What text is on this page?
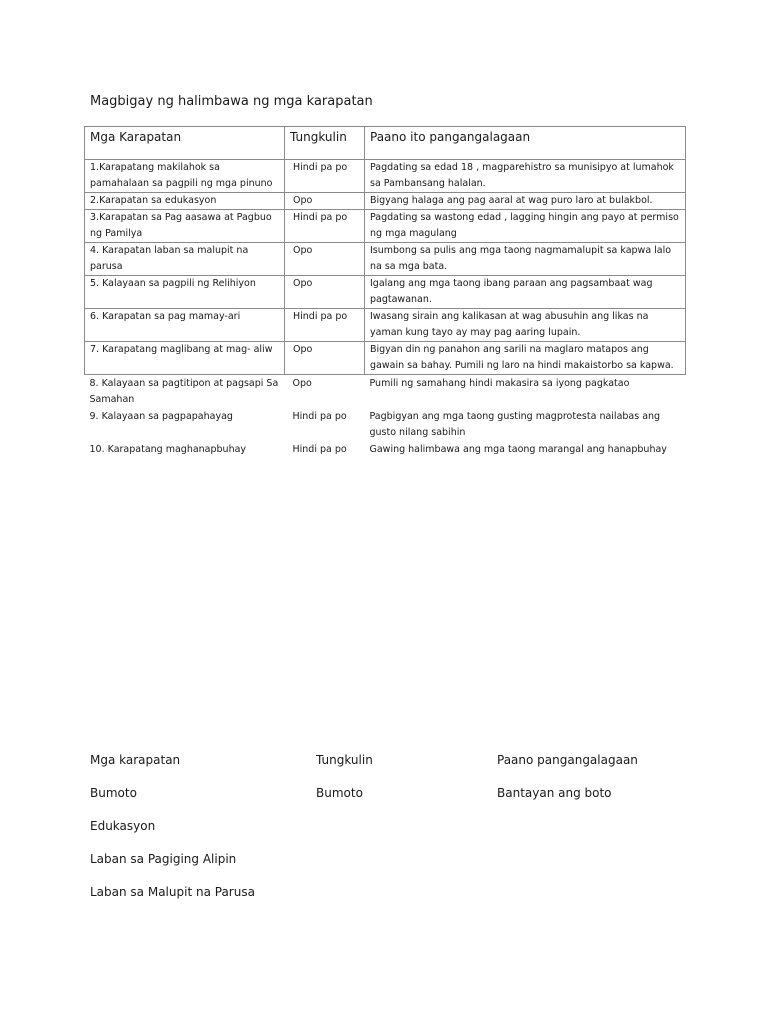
Magbigay ng halimbawa ng mga karapatan
Mga Karapatan	Tungkulin	Paano ito pangangalagaan
1.Karapatang makilahok sa pamahalaan sa pagpili ng mga pinuno	Hindi pa po	Pagdating sa edad 18 , magparehistro sa munisipyo at lumahok sa Pambansang halalan.
2.Karapatan sa edukasyon	Opo	Bigyang halaga ang pag aaral at wag puro laro at bulakbol.
3.Karapatan sa Pag aasawa at Pagbuo ng Pamilya	Hindi pa po	Pagdating sa wastong edad , lagging hingin ang payo at permiso ng mga magulang
4. Karapatan laban sa malupit na parusa	Opo	Isumbong sa pulis ang mga taong nagmamalupit sa kapwa lalo na sa mga bata.
5. Kalayaan sa pagpili ng Relihiyon	Opo	Igalang ang mga taong ibang paraan ang pagsambaat wag pagtawanan.
6. Karapatan sa pag mamay-ari	Hindi pa po	Iwasang sirain ang kalikasan at wag abusuhin ang likas na yaman kung tayo ay may pag aaring lupain.
7. Karapatang maglibang at mag- aliw	Opo	Bigyan din ng panahon ang sarili na maglaro matapos ang gawain sa bahay. Pumili ng laro na hindi makaistorbo sa kapwa.
8. Kalayaan sa pagtitipon at pagsapi Sa Samahan	Opo	Pumili ng samahang hindi makasira sa iyong pagkatao
9. Kalayaan sa pagpapahayag	Hindi pa po	Pagbigyan ang mga taong gusting magprotesta nailabas ang gusto nilang sabihin
10. Karapatang maghanapbuhay	Hindi pa po	Gawing halimbawa ang mga taong marangal ang hanapbuhay
Mga karapatan	Tungkulin	Paano pangangalagaan
Bumoto	Bumoto	Bantayan ang boto
Edukasyon
Laban sa Pagiging Alipin
Laban sa Malupit na Parusa
